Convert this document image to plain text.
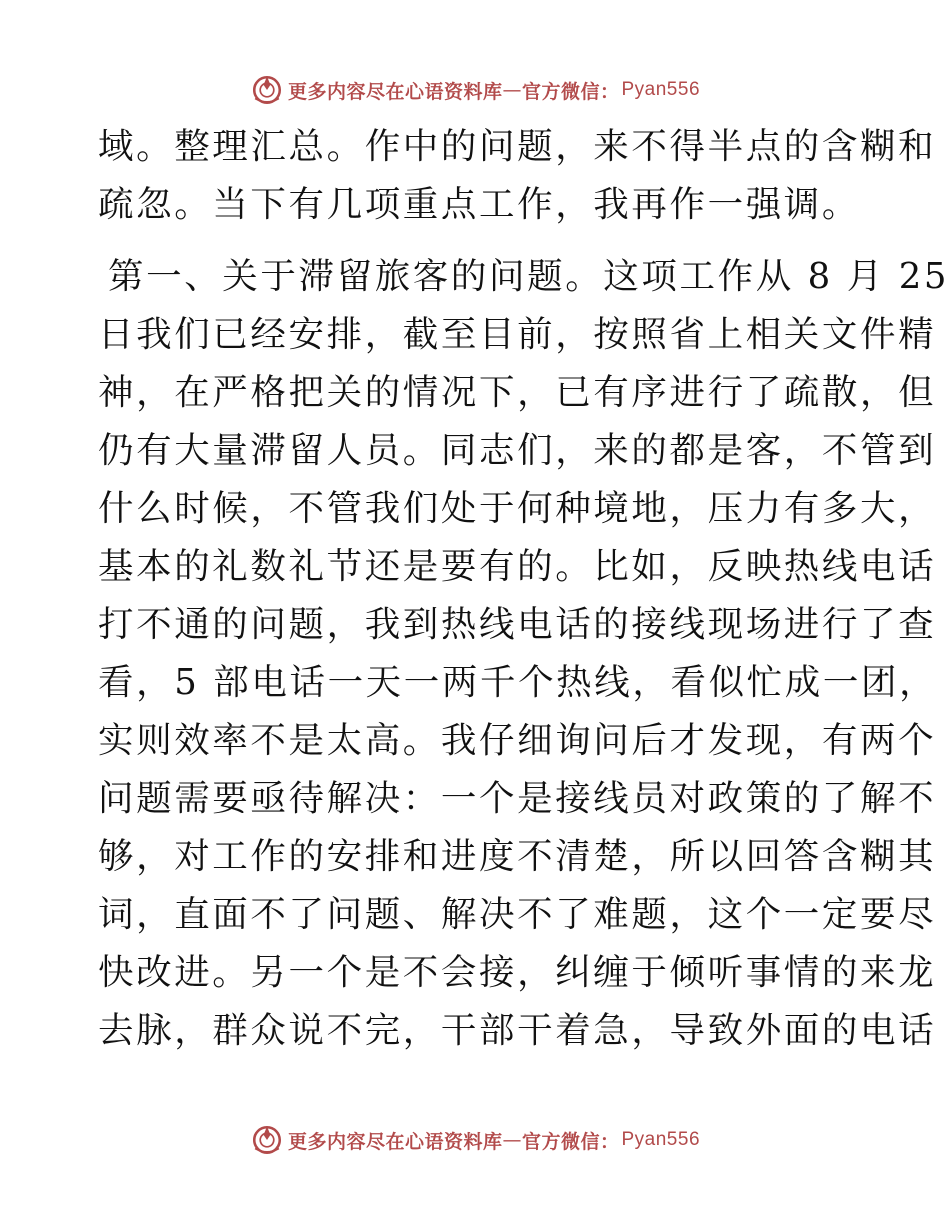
更多内容尽在心语资料库 — 官方微信： Pyan556
域。整理汇总。作中的问题，来不得半点的含糊和
疏忽。当下有几项重点工作，我再作一强调。
第一、关于滞留旅客的问题。这项工作从 8 月 25
日我们已经安排，截至目前，按照省上相关文件精
神，在严格把关的情况下，已有序进行了疏散，但
仍有大量滞留人员。同志们，来的都是客，不管到
什么时候，不管我们处于何种境地，压力有多大，
基本的礼数礼节还是要有的。比如，反映热线电话
打不通的问题，我到热线电话的接线现场进行了查
看，5 部电话一天一两千个热线，看似忙成一团，
实则效率不是太高。我仔细询问后才发现，有两个
问题需要亟待解决：一个是接线员对政策的了解不
够，对工作的安排和进度不清楚，所以回答含糊其
词，直面不了问题、解决不了难题，这个一定要尽
快改进。另一个是不会接，纠缠于倾听事情的来龙
去脉，群众说不完，干部干着急，导致外面的电话
更多内容尽在心语资料库 — 官方微信： Pyan556
